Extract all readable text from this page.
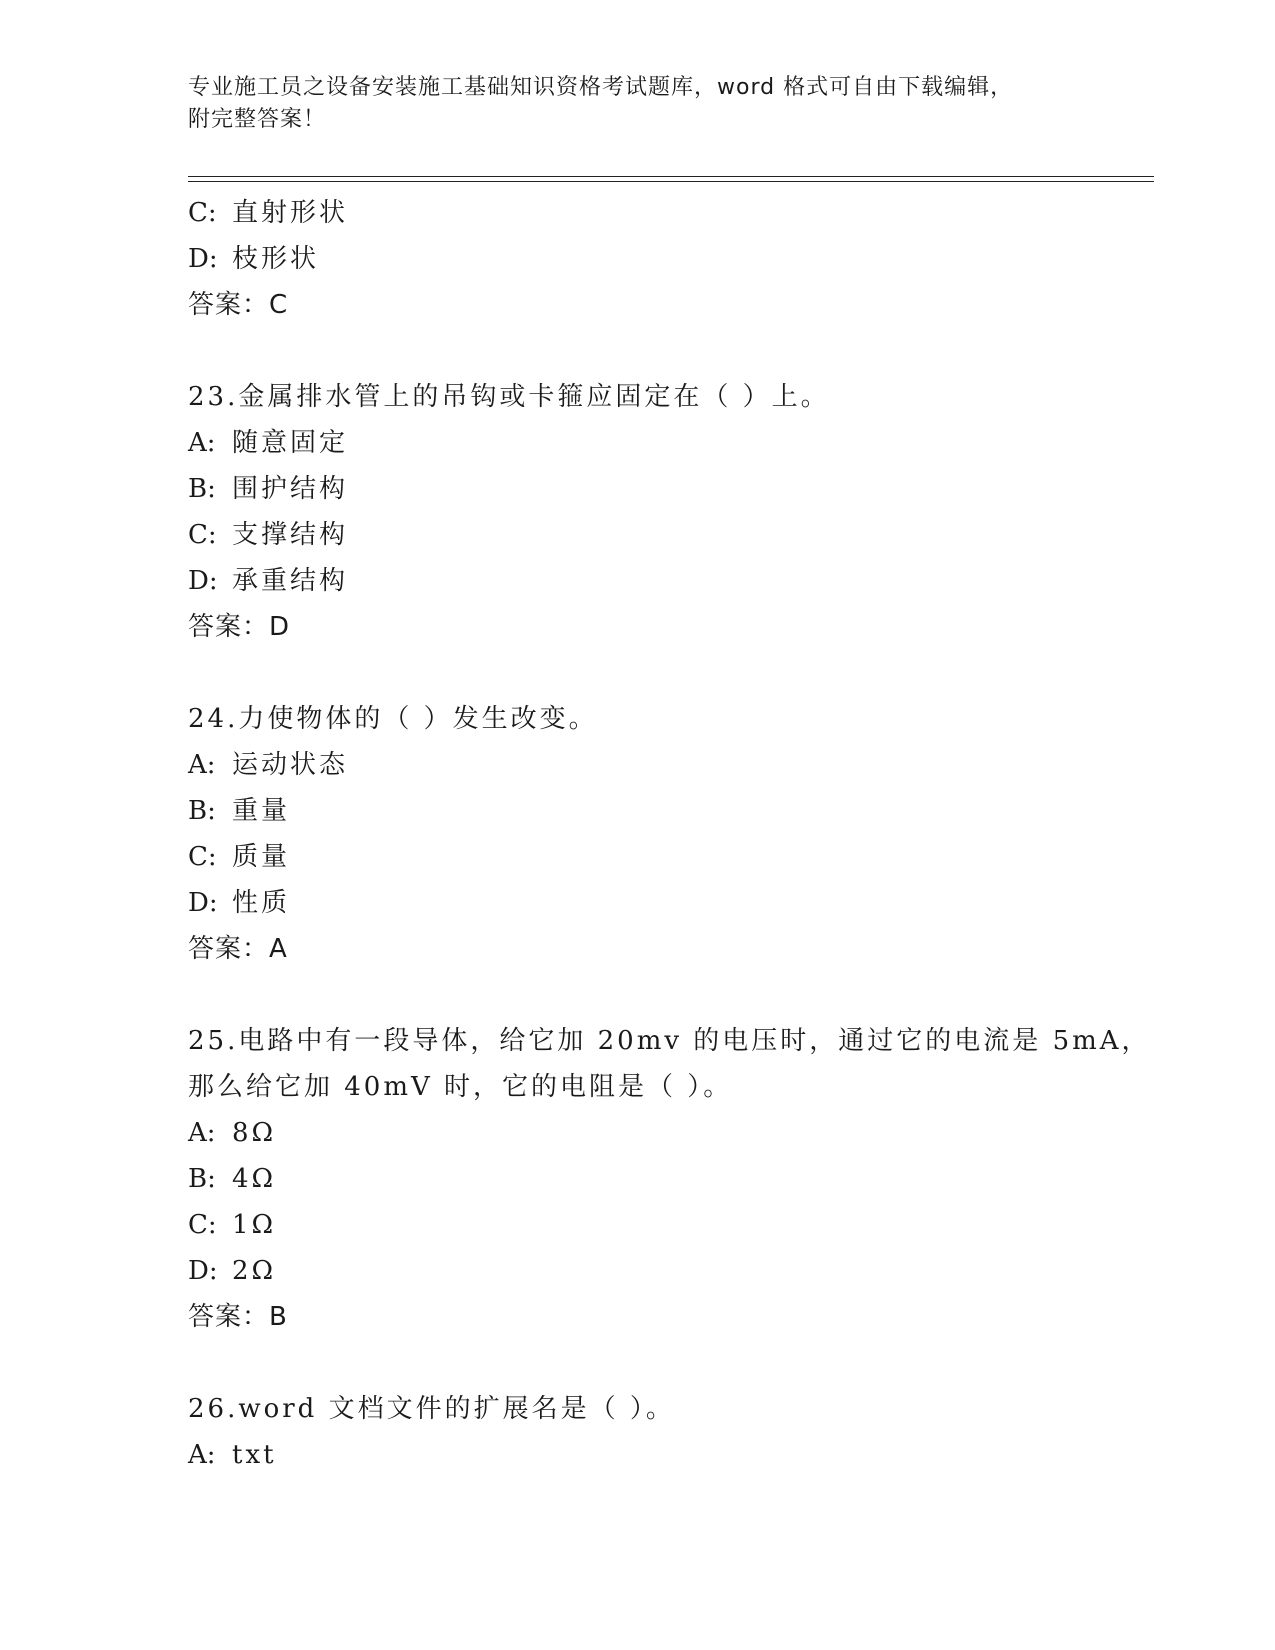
专业施工员之设备安装施工基础知识资格考试题库，word 格式可自由下载编辑，
附完整答案！
C: 直射形状
D: 枝形状
答案：C
23.金属排水管上的吊钩或卡箍应固定在（ ）上。
A: 随意固定
B: 围护结构
C: 支撑结构
D: 承重结构
答案：D
24.力使物体的（ ）发生改变。
A: 运动状态
B: 重量
C: 质量
D: 性质
答案：A
25.电路中有一段导体，给它加 20mv 的电压时，通过它的电流是 5mA，
那么给它加 40mV 时，它的电阻是（ ）。
A: 8Ω
B: 4Ω
C: 1Ω
D: 2Ω
答案：B
26.word 文档文件的扩展名是（ ）。
A: txt
